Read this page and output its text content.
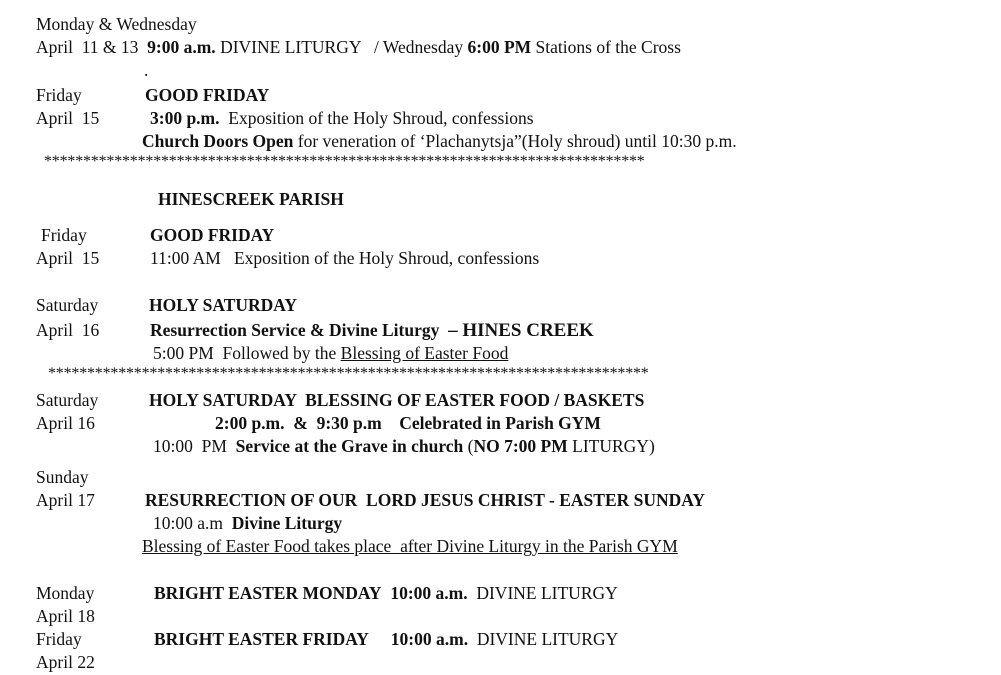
Monday & Wednesday
April  11 & 13 9:00 a.m. DIVINE LITURGY / Wednesday 6:00 PM Stations of the Cross
.
Friday	GOOD FRIDAY
April  15	3:00 p.m. Exposition of the Holy Shroud, confessions
Church Doors Open for veneration of ‘Plachanytsja”(Holy shroud) until 10:30 p.m.
*****************************************************************************
HINESCREEK PARISH
Friday	GOOD FRIDAY
April  15	11:00 AM Exposition of the Holy Shroud, confessions
Saturday	HOLY SATURDAY
April  16	Resurrection Service & Divine Liturgy – HINES CREEK
5:00 PM Followed by the Blessing of Easter Food
*****************************************************************************
Saturday	HOLY SATURDAY  BLESSING OF EASTER FOOD / BASKETS
April 16	2:00 p.m.  &  9:30 p.m Celebrated in Parish GYM
10:00  PM Service at the Grave in church (NO 7:00 PM LITURGY)
Sunday
April 17	RESURRECTION OF OUR  LORD JESUS CHRIST - EASTER SUNDAY
10:00 a.m Divine Liturgy
Blessing of Easter Food takes place  after Divine Liturgy in the Parish GYM
Monday	BRIGHT EASTER MONDAY 10:00 a.m. DIVINE LITURGY
April 18
Friday	BRIGHT EASTER FRIDAY 10:00 a.m. DIVINE LITURGY
April 22
